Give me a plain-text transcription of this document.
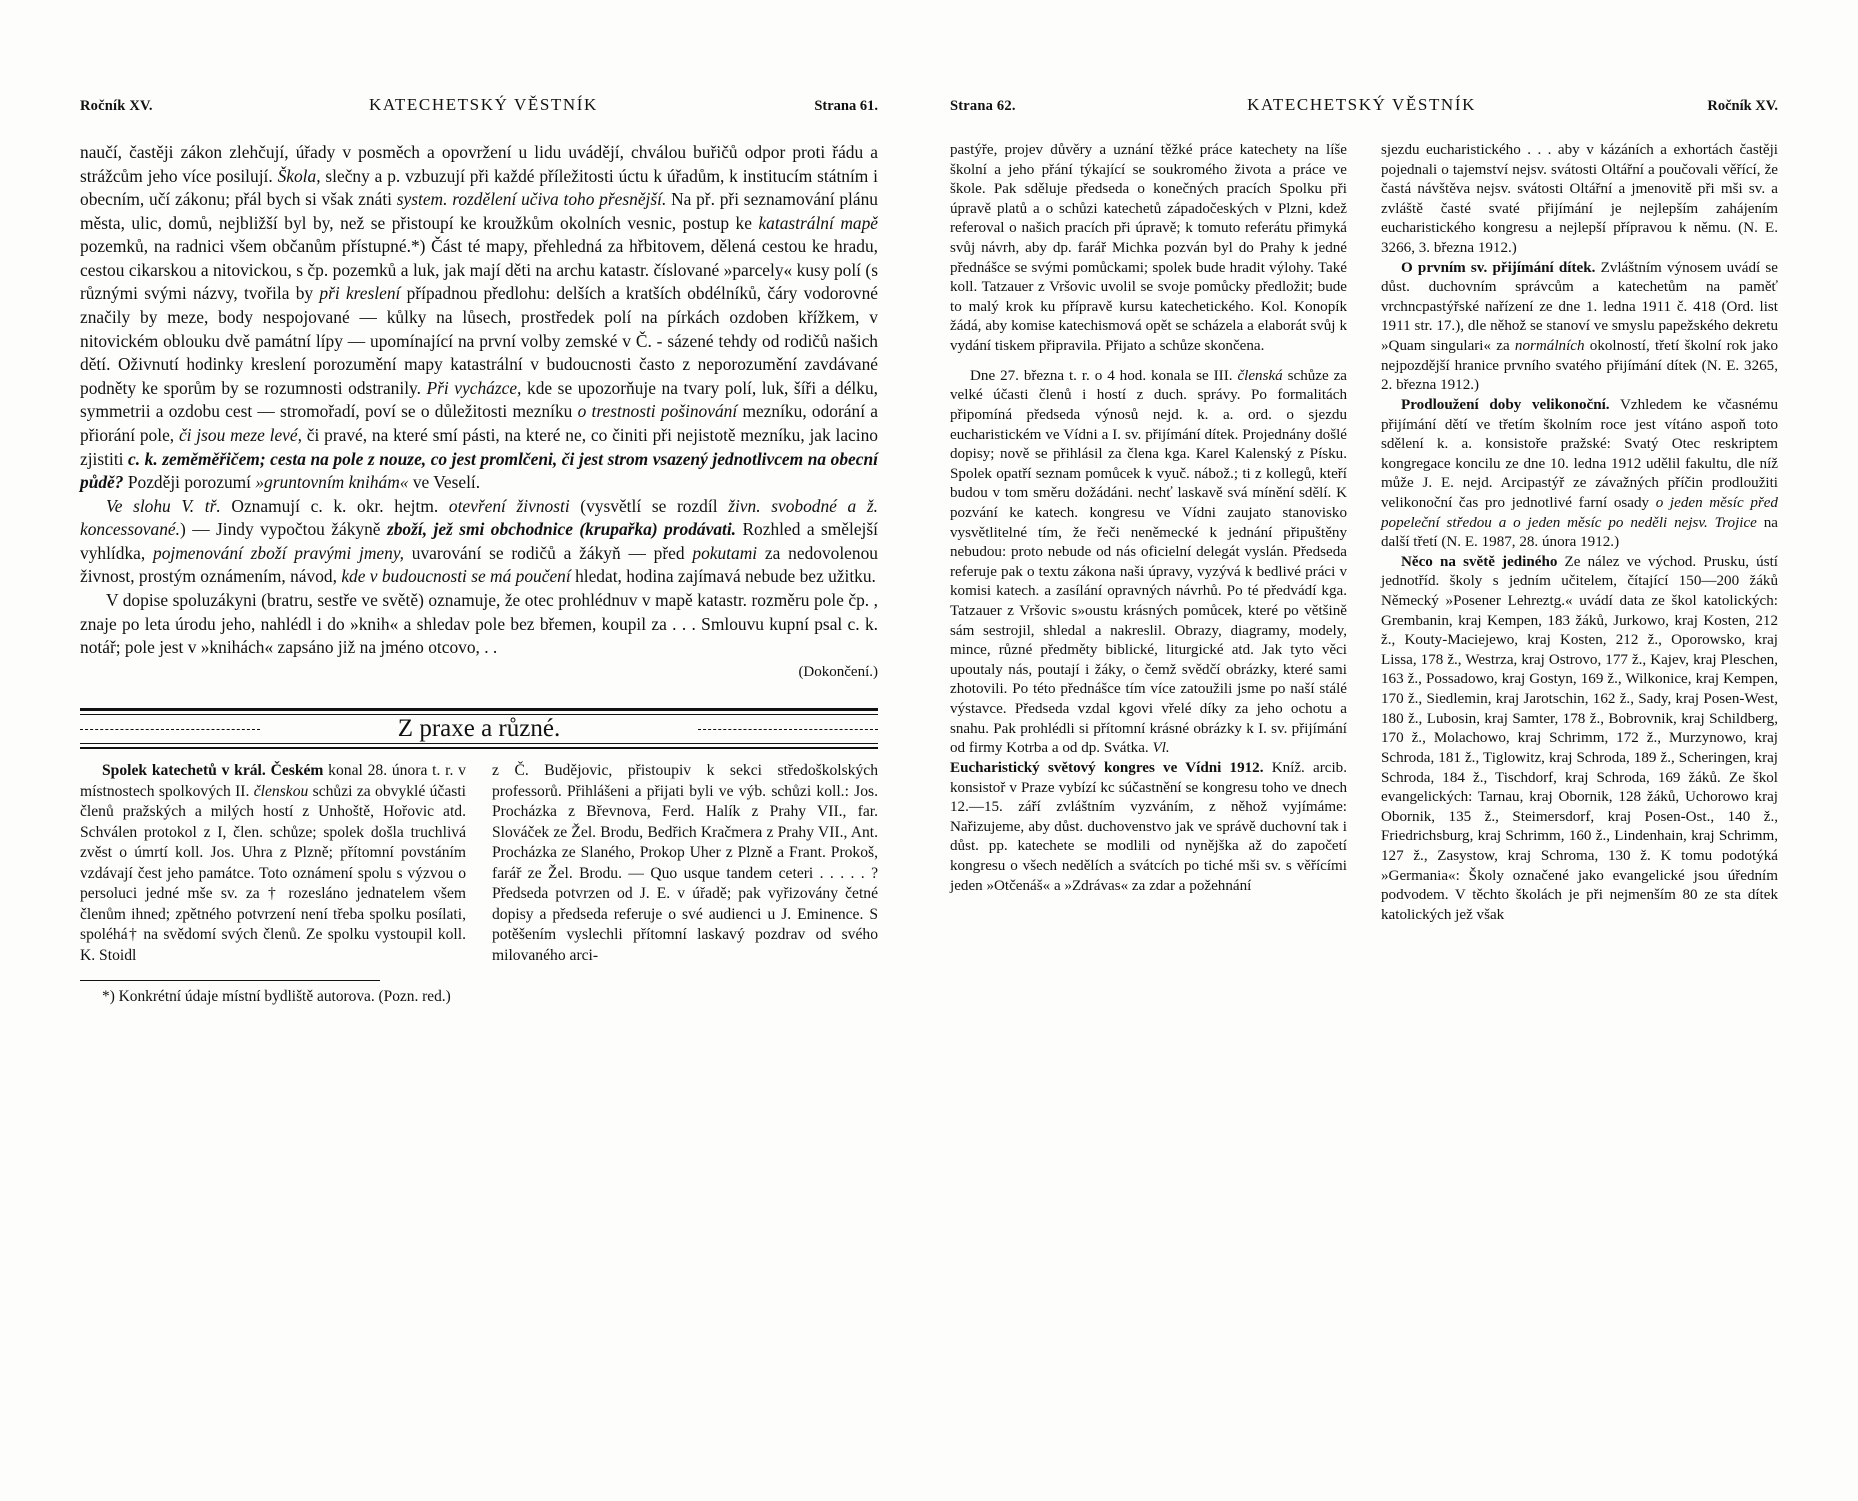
Ročník XV.	KATECHETSKÝ VĚSTNÍK	Strana 61.

naučí, častěji zákon zlehčují, úřady v posměch a opovržení u lidu uvádějí, chválou buřičů odpor proti řádu a strážcům jeho více posilují. Škola, slečny a p. vzbuzují při každé příležitosti úctu k úřadům, k institucím státním i obecním, učí zákonu; přál bych si však znáti system. rozdělení učiva toho přesnější. Na př. při seznamování plánu města, ulic, domů, nejbližší byl by, než se přistoupí ke kroužkům okolních vesnic, postup ke katastrální mapě pozemků, na radnici všem občanům přístupné.*) Část té mapy, přehledná za hřbitovem, dělená cestou ke hradu, cestou cikarskou a nitovickou, s čp. pozemků a luk, jak mají děti na archu katastr. číslované »parcely« kusy polí (s různými svými názvy, tvořila by při kreslení případnou předlohu: delších a kratších obdélníků, čáry vodorovné značily by meze, body nespojované — kůlky na lůsech, prostředek polí na pírkách ozdoben křížkem, v nitovickém oblouku dvě památní lípy — upomínající na první volby zemské v Č. - sázené tehdy od rodičů našich dětí. Oživnutí hodinky kreslení porozumění mapy katastrální v budoucnosti často z neporozumění zavdávané podněty ke sporům by se rozumnosti odstranily. Při vycházce, kde se upozorňuje na tvary polí, luk, šíři a délku, symmetrii a ozdobu cest — stromořadí, poví se o důležitosti mezníku o trestnosti pošinování mezníku, odorání a přiorání pole, či jsou meze levé, či pravé, na které smí pásti, na které ne, co činiti při nejistotě mezníku, jak lacino zjistiti c. k. zeměměřičem; cesta na pole z nouze, co jest promlčeni, či jest strom vsazený jednotlivcem na obecní půdě? Později porozumí »gruntovním knihám« ve Veselí.

Ve slohu V. tř. Oznamují c. k. okr. hejtm. otevření živnosti (vysvětlí se rozdíl živn. svobodné a ž. koncessované.) — Jindy vypočtou žákyně zboží, jež smi obchodnice (krupařka) prodávati. Rozhled a smělejší vyhlídka, pojmenování zboží pravými jmeny, uvarování se rodičů a žákyň — před pokutami za nedovolenou živnost, prostým oznámením, návod, kde v budoucnosti se má poučení hledat, hodina zajímavá nebude bez užitku.

V dopise spoluzákyni (bratru, sestře ve světě) oznamuje, že otec prohlédnuv v mapě katastr. rozměru pole čp. , znaje po leta úrodu jeho, nahlédl i do »knih« a shledav pole bez břemen, koupil za . . . Smlouvu kupní psal c. k. notář; pole jest v »knihách« zapsáno již na jméno otcovo, . .

(Dokončení.)
Z praxe a různé.

Spolek katechetů v král. Českém konal 28. února t. r. v místnostech spolkových II. členskou schůzi za obvyklé účasti členů pražských a milých hostí z Unhoště, Hořovic atd. Schválen protokol z I, člen. schůze; spolek došla truchlivá zvěst o úmrtí koll. Jos. Uhra z Plzně; přítomní povstáním vzdávají čest jeho památce. Toto oznámení spolu s výzvou o persoluci jedné mše sv. za † rozesláno jednatelem všem členům ihned; zpětného potvrzení není třeba spolku posílati, spoléhá† na svědomí svých členů. Ze spolku vystoupil koll. K. Stoidl

z Č. Budějovic, přistoupiv k sekci středoškolských professorů. Přihlášeni a přijati byli ve výb. schůzi koll.: Jos. Procházka z Břevnova, Ferd. Halík z Prahy VII., far. Slováček ze Žel. Brodu, Bedřich Kračmera z Prahy VII., Ant. Procházka ze Slaného, Prokop Uher z Plzně a Frant. Prokoš, farář ze Žel. Brodu. — Quo usque tandem ceteri . . . . . ? Předseda potvrzen od J. E. v úřadě; pak vyřizovány četné dopisy a předseda referuje o své audienci u J. Eminence. S potěšením vyslechli přítomní laskavý pozdrav od svého milovaného arci-

*) Konkrétní údaje místní bydliště autorova. (Pozn. red.)
Strana 62.	KATECHETSKÝ VĚSTNÍK	Ročník XV.

pastýře, projev důvěry a uznání těžké práce katechety na líše školní a jeho přání týkající se soukromého života a práce ve škole. Pak sděluje předseda o konečných pracích Spolku při úpravě platů a o schůzi katechetů západočeských v Plzni, kdež referoval o našich pracích při úpravě; k tomuto referátu přimyká svůj návrh, aby dp. farář Michka pozván byl do Prahy k jedné přednášce se svými pomůckami; spolek bude hradit výlohy. Také koll. Tatzauer z Vršovic uvolil se svoje pomůcky předložit; bude to malý krok ku přípravě kursu katechetického. Kol. Konopík žádá, aby komise katechismová opět se scházela a elaborát svůj k vydání tiskem připravila. Přijato a schůze skončena.

Dne 27. března t. r. o 4 hod. konala se III. členská schůze za velké účasti členů i hostí z duch. správy. Po formalitách připomíná předseda výnosů nejd. k. a. ord. o sjezdu eucharistickém ve Vídni a I. sv. přijímání dítek. Projednány došlé dopisy; nově se přihlásil za člena kga. Karel Kalenský z Písku. Spolek opatří seznam pomůcek k vyuč. nábož.; ti z kollegů, kteří budou v tom směru dožádáni. nechť laskavě svá mínění sdělí. K pozvání ke katech. kongresu ve Vídni zaujato stanovisko vysvětlitelné tím, že řeči neněmecké k jednání připuštěny nebudou: proto nebude od nás oficielní delegát vyslán. Předseda referuje pak o textu zákona naši úpravy, vyzývá k bedlivé práci v komisi katech. a zasílání opravných návrhů. Po té předvádí kga. Tatzauer z Vršovic s»oustu krásných pomůcek, které po většině sám sestrojil, shledal a nakreslil. Obrazy, diagramy, modely, mince, různé předměty biblické, liturgické atd. Jak tyto věci upoutaly nás, poutají i žáky, o čemž svědčí obrázky, které sami zhotovili. Po této přednášce tím více zatoužili jsme po naší stálé výstavce. Předseda vzdal kgovi vřelé díky za jeho ochotu a snahu. Pak prohlédli si přítomní krásné obrázky k I. sv. přijímání od firmy Kotrba a od dp. Svátka. Vl.

Eucharistický světový kongres ve Vídni 1912. Kníž. arcib. konsistoř v Praze vybízí kc súčastnění se kongresu toho ve dnech 12.—15. září zvláštním vyzváním, z něhož vyjímáme: Nařizujeme, aby důst. duchovenstvo jak ve správě duchovní tak i důst. pp. katechete se modlili od nynějška až do započetí kongresu o všech nedělích a svátcích po tiché mši sv. s věřícími jeden »Otčenáš« a »Zdrávas« za zdar a požehnání

sjezdu eucharistického . . . aby v kázáních a exhortách častěji pojednali o tajemství nejsv. svátosti Oltářní a poučovali věřící, že častá návštěva nejsv. svátosti Oltářní a jmenovitě při mši sv. a zvláště časté svaté přijímání je nejlepším zahájením eucharistického kongresu a nejlepší přípravou k němu. (N. E. 3266, 3. března 1912.)

O prvním sv. přijímání dítek. Zvláštním výnosem uvádí se důst. duchovním správcům a katechetům na paměť vrchncpastýřské nařízení ze dne 1. ledna 1911 č. 418 (Ord. list 1911 str. 17.), dle něhož se stanoví ve smyslu papežského dekretu »Quam singulari« za normálních okolností, třetí školní rok jako nejpozdější hranice prvního svatého přijímání dítek (N. E. 3265, 2. března 1912.)

Prodloužení doby velikonoční. Vzhledem ke včasnému přijímání dětí ve třetím školním roce jest vítáno aspoň toto sdělení k. a. konsistoře pražské: Svatý Otec reskriptem kongregace koncilu ze dne 10. ledna 1912 udělil fakultu, dle níž může J. E. nejd. Arcipastýř ze závažných příčin prodloužiti velikonoční čas pro jednotlivé farní osady o jeden měsíc před popeleční středou a o jeden měsíc po neděli nejsv. Trojice na další třetí (N. E. 1987, 28. února 1912.)

Něco na světě jediného Ze nález ve východ. Prusku, ústí jednotříd. školy s jedním učitelem, čítající 150—200 žáků Německý »Posener Lehreztg.« uvádí data ze škol katolických: Grembanin, kraj Kempen, 183 žáků, Jurkowo, kraj Kosten, 212 ž., Kouty-Maciejewo, kraj Kosten, 212 ž., Oporowsko, kraj Lissa, 178 ž., Westrza, kraj Ostrovo, 177 ž., Kajev, kraj Pleschen, 163 ž., Possadowo, kraj Gostyn, 169 ž., Wilkonice, kraj Kempen, 170 ž., Siedlemin, kraj Jarotschin, 162 ž., Sady, kraj Posen-West, 180 ž., Lubosin, kraj Samter, 178 ž., Bobrovnik, kraj Schildberg, 170 ž., Molachowo, kraj Schrimm, 172 ž., Murzynowo, kraj Schroda, 181 ž., Tiglowitz, kraj Schroda, 189 ž., Scheringen, kraj Schroda, 184 ž., Tischdorf, kraj Schroda, 169 žáků. Ze škol evangelických: Tarnau, kraj Obornik, 128 žáků, Uchorowo kraj Obornik, 135 ž., Steimersdorf, kraj Posen-Ost., 140 ž., Friedrichsburg, kraj Schrimm, 160 ž., Lindenhain, kraj Schrimm, 127 ž., Zasystow, kraj Schroma, 130 ž. K tomu podotýká »Germania«: Školy označené jako evangelické jsou úředním podvodem. V těchto školách je při nejmenším 80 ze sta dítek katolických jež však
